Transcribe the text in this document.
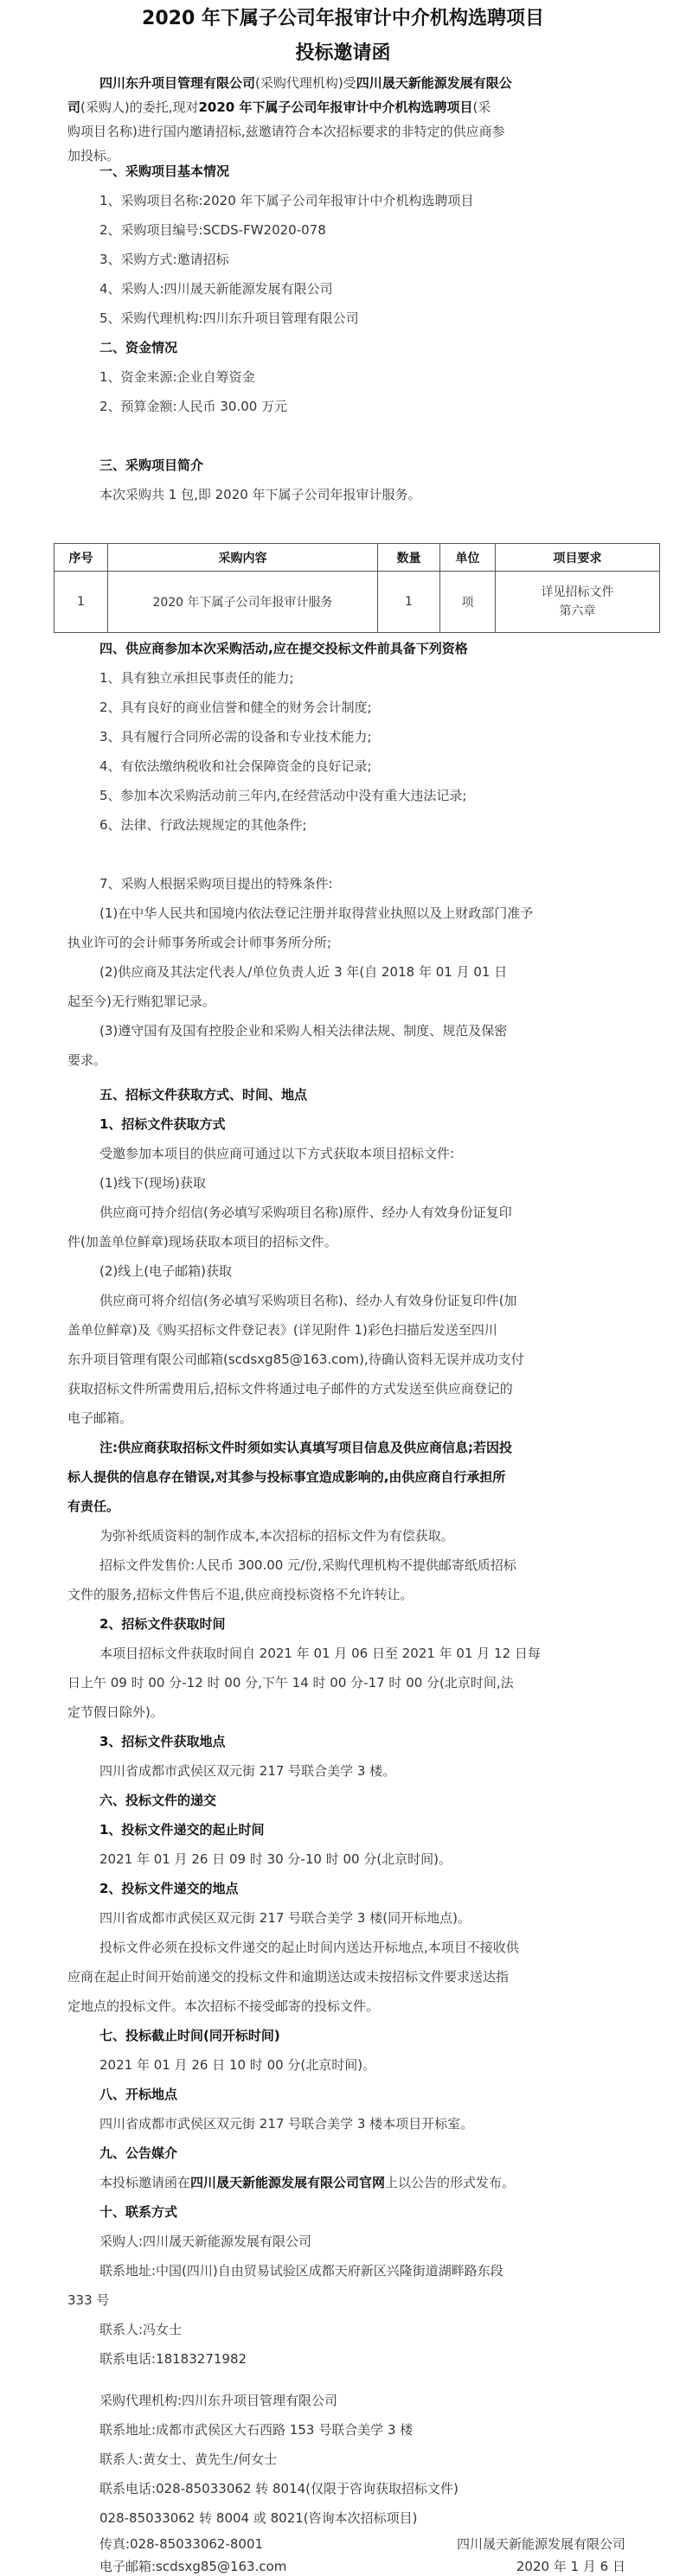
2020 年下属子公司年报审计中介机构选聘项目
投标邀请函
四川东升项目管理有限公司(采购代理机构)受四川晟天新能源发展有限公
司(采购人)的委托,现对2020 年下属子公司年报审计中介机构选聘项目(采
购项目名称)进行国内邀请招标,兹邀请符合本次招标要求的非特定的供应商参
加投标。
一、采购项目基本情况
1、采购项目名称:2020 年下属子公司年报审计中介机构选聘项目
2、采购项目编号:SCDS-FW2020-078
3、采购方式:邀请招标
4、采购人:四川晟天新能源发展有限公司
5、采购代理机构:四川东升项目管理有限公司
二、资金情况
1、资金来源:企业自筹资金
2、预算金额:人民币 30.00 万元
三、采购项目简介
本次采购共 1 包,即 2020 年下属子公司年报审计服务。
序号	采购内容	数量	单位	项目要求
1	2020 年下属子公司年报审计服务	1	项	详见招标文件
第六章
四、供应商参加本次采购活动,应在提交投标文件前具备下列资格
1、具有独立承担民事责任的能力;
2、具有良好的商业信誉和健全的财务会计制度;
3、具有履行合同所必需的设备和专业技术能力;
4、有依法缴纳税收和社会保障资金的良好记录;
5、参加本次采购活动前三年内,在经营活动中没有重大违法记录;
6、法律、行政法规规定的其他条件;
7、采购人根据采购项目提出的特殊条件:
(1)在中华人民共和国境内依法登记注册并取得营业执照以及上财政部门准予
执业许可的会计师事务所或会计师事务所分所;
(2)供应商及其法定代表人/单位负责人近 3 年(自 2018 年 01 月 01 日
起至今)无行贿犯罪记录。
(3)遵守国有及国有控股企业和采购人相关法律法规、制度、规范及保密
要求。
五、招标文件获取方式、时间、地点
1、招标文件获取方式
受邀参加本项目的供应商可通过以下方式获取本项目招标文件:
(1)线下(现场)获取
供应商可持介绍信(务必填写采购项目名称)原件、经办人有效身份证复印
件(加盖单位鲜章)现场获取本项目的招标文件。
(2)线上(电子邮箱)获取
供应商可将介绍信(务必填写采购项目名称)、经办人有效身份证复印件(加
盖单位鲜章)及《购买招标文件登记表》(详见附件 1)彩色扫描后发送至四川
东升项目管理有限公司邮箱(scdsxg85@163.com),待确认资料无误并成功支付
获取招标文件所需费用后,招标文件将通过电子邮件的方式发送至供应商登记的
电子邮箱。
注:供应商获取招标文件时须如实认真填写项目信息及供应商信息;若因投
标人提供的信息存在错误,对其参与投标事宜造成影响的,由供应商自行承担所
有责任。
为弥补纸质资料的制作成本,本次招标的招标文件为有偿获取。
招标文件发售价:人民币 300.00 元/份,采购代理机构不提供邮寄纸质招标
文件的服务,招标文件售后不退,供应商投标资格不允许转让。
2、招标文件获取时间
本项目招标文件获取时间自 2021 年 01 月 06 日至 2021 年 01 月 12 日每
日上午 09 时 00 分-12 时 00 分,下午 14 时 00 分-17 时 00 分(北京时间,法
定节假日除外)。
3、招标文件获取地点
四川省成都市武侯区双元街 217 号联合美学 3 楼。
六、投标文件的递交
1、投标文件递交的起止时间
2021 年 01 月 26 日 09 时 30 分-10 时 00 分(北京时间)。
2、投标文件递交的地点
四川省成都市武侯区双元街 217 号联合美学 3 楼(同开标地点)。
投标文件必须在投标文件递交的起止时间内送达开标地点,本项目不接收供
应商在起止时间开始前递交的投标文件和逾期送达或未按招标文件要求送达指
定地点的投标文件。本次招标不接受邮寄的投标文件。
七、投标截止时间(同开标时间)
2021 年 01 月 26 日 10 时 00 分(北京时间)。
八、开标地点
四川省成都市武侯区双元街 217 号联合美学 3 楼本项目开标室。
九、公告媒介
本投标邀请函在四川晟天新能源发展有限公司官网上以公告的形式发布。
十、联系方式
采购人:四川晟天新能源发展有限公司
联系地址:中国(四川)自由贸易试验区成都天府新区兴隆街道湖畔路东段
333 号
联系人:冯女士
联系电话:18183271982
采购代理机构:四川东升项目管理有限公司
联系地址:成都市武侯区大石西路 153 号联合美学 3 楼
联系人:黄女士、黄先生/何女士
联系电话:028-85033062 转 8014(仅限于咨询获取招标文件)
028-85033062 转 8004 或 8021(咨询本次招标项目)
传真:028-85033062-8001
电子邮箱:scdsxg85@163.com
四川晟天新能源发展有限公司
2020 年 1 月 6 日
